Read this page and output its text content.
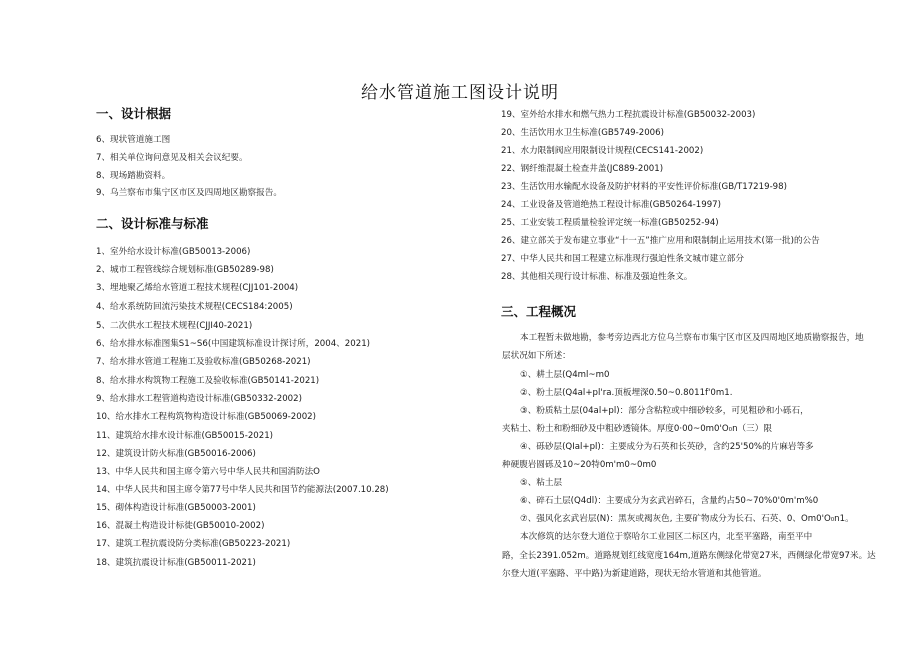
给水管道施工图设计说明
一、设计根据
6、现状管道施工图
7、相关单位询问意见及相关会议纪要。
8、现场踏勘资料。
9、乌兰察布市集宁区市区及四周地区勘察报告。
二、设计标准与标准
1、室外给水设计标准(GB50013-2006)
2、城市工程管线综合规划标准(GB50289-98)
3、埋地聚乙烯给水管道工程技术规程(CJJ101-2004)
4、给水系统防回流污染技术规程(CECS184:2005)
5、二次供水工程技术规程(CJJI40-2021)
6、给水排水标准图集S1~S6(中国建筑标准设计探讨所，2004、2021)
7、给水排水管道工程施工及验收标准(GB50268-2021)
8、给水排水构筑物工程施工及验收标准(GB50141-2021)
9、给水排水工程管道构造设计标准(GB50332-2002)
10、给水排水工程构筑物构造设计标准(GB50069-2002)
11、建筑给水排水设计标准(GB50015-2021)
12、建筑设计防火标准(GB50016-2006)
13、中华人民共和国主席令第六号中华人民共和国消防法O
14、中华人民共和国主席令第77号中华人民共和国节约能源法(2007.10.28)
15、砌体构造设计标准(GB50003-2001)
16、混凝土构造设计标徙(GB50010-2002)
17、建筑工程抗震设防分类标准(GB50223-2021)
18、建筑抗震设计标准(GB50011-2021)
19、室外给水排水和燃气热力工程抗震设计标准(GB50032-2003)
20、生活饮用水卫生标准(GB5749-2006)
21、水力限制阀应用限制设计规程(CECS141-2002)
22、钢纤维混凝土检查井盖(JC889-2001)
23、生活饮用水输配水设备及防护材料的平安性评价标准(GB/T17219-98)
24、工业设备及管道绝热工程设计标准(GB50264-1997)
25、工业安装工程质量检验评定统一标准(GB50252-94)
26、建立部关于发布建立事业“十一五”推广应用和限制制止运用技术(第一批)的公告
27、中华人民共和国工程建立标准现行强迫性条文城市建立部分
28、其他相关现行设计标准、标准及强迫性条文。
三、工程概况
本工程暂未做地勘，参考旁边西北方位乌兰察布市集宁区市区及四周地区地质勘察报告，地
层状况如下所述：
①、耕土层(Q4ml~m0
②、粉土层(Q4al+pl'ra.顶板埋深0.50~0.8011f'0m1.
③、粉质粘土层(04al+pl)：部分含粘粒或中细砂较多，可见粗砂和小砾石，
夹粘土、粉土和粉细砂及中粗砂透镜体。厚度0·00~0m0'O₀n（三）限
④、砾砂层(QIal+pl)：主要成分为石英和长英砂，含约25'50%的片麻岩等多
种硬腹岩圆砾及10~20特0m'm0~0m0
⑤、粘土层
⑥、碎石土层(Q4dl)：主要成分为玄武岩碎石，含量约占50~70%0'0m'm%0
⑦、强风化玄武岩层(N)：黑灰或褐灰色, 主要矿物成分为长石、石英、0、Om0'O₀n1。
本次修筑的达尔登大道位于察哈尔工业园区二标区内，北至平塞路，南至平中
路，全长2391.052m。道路规划红线宽度164m,道路东侧绿化带宽27米，西侧绿化带宽97米。达
尔登大道(平塞路、平中路)为新建道路，现状无给水管道和其他管道。
